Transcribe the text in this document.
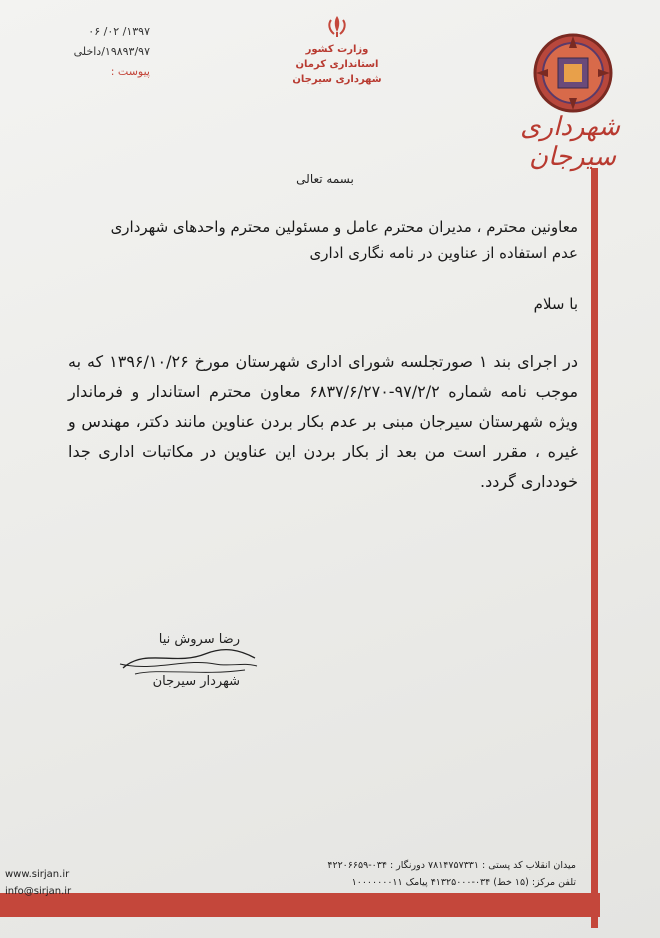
شهرداری سیرجان
وزارت کشور
استانداری کرمان
شهرداری سیرجان
۱۳۹۷/ ۰۲/ ۰۶
۱۹۸۹۳/۹۷/داخلی
پیوست :
بسمه تعالی
معاونین محترم ، مدیران محترم عامل و مسئولین محترم واحدهای شهرداری
عدم استفاده از عناوین در نامه نگاری اداری
با سلام
در اجرای بند ۱ صورتجلسه شورای اداری شهرستان مورخ ۱۳۹۶/۱۰/۲۶ که به موجب نامه شماره ۹۷/۲/۲-۶۸۳۷/۶/۲۷۰ معاون محترم استاندار و فرماندار ویژه شهرستان سیرجان مبنی بر عدم بکار بردن عناوین مانند دکتر، مهندس و غیره ، مقرر است من بعد از بکار بردن این عناوین در مکاتبات اداری جدا خودداری گردد.
رضا سروش نیا
شهردار سیرجان
www.sirjan.ir
info@sirjan.ir
میدان انقلاب کد پستی : ۷۸۱۴۷۵۷۳۳۱ دورنگار : ۰۳۴-۴۲۲۰۶۶۵۹
تلفن مرکز: (۱۵ خط) ۰۳۴-۴۱۳۲۵۰۰۰ پیامک ۱۰۰۰۰۰۰۰۱۱
